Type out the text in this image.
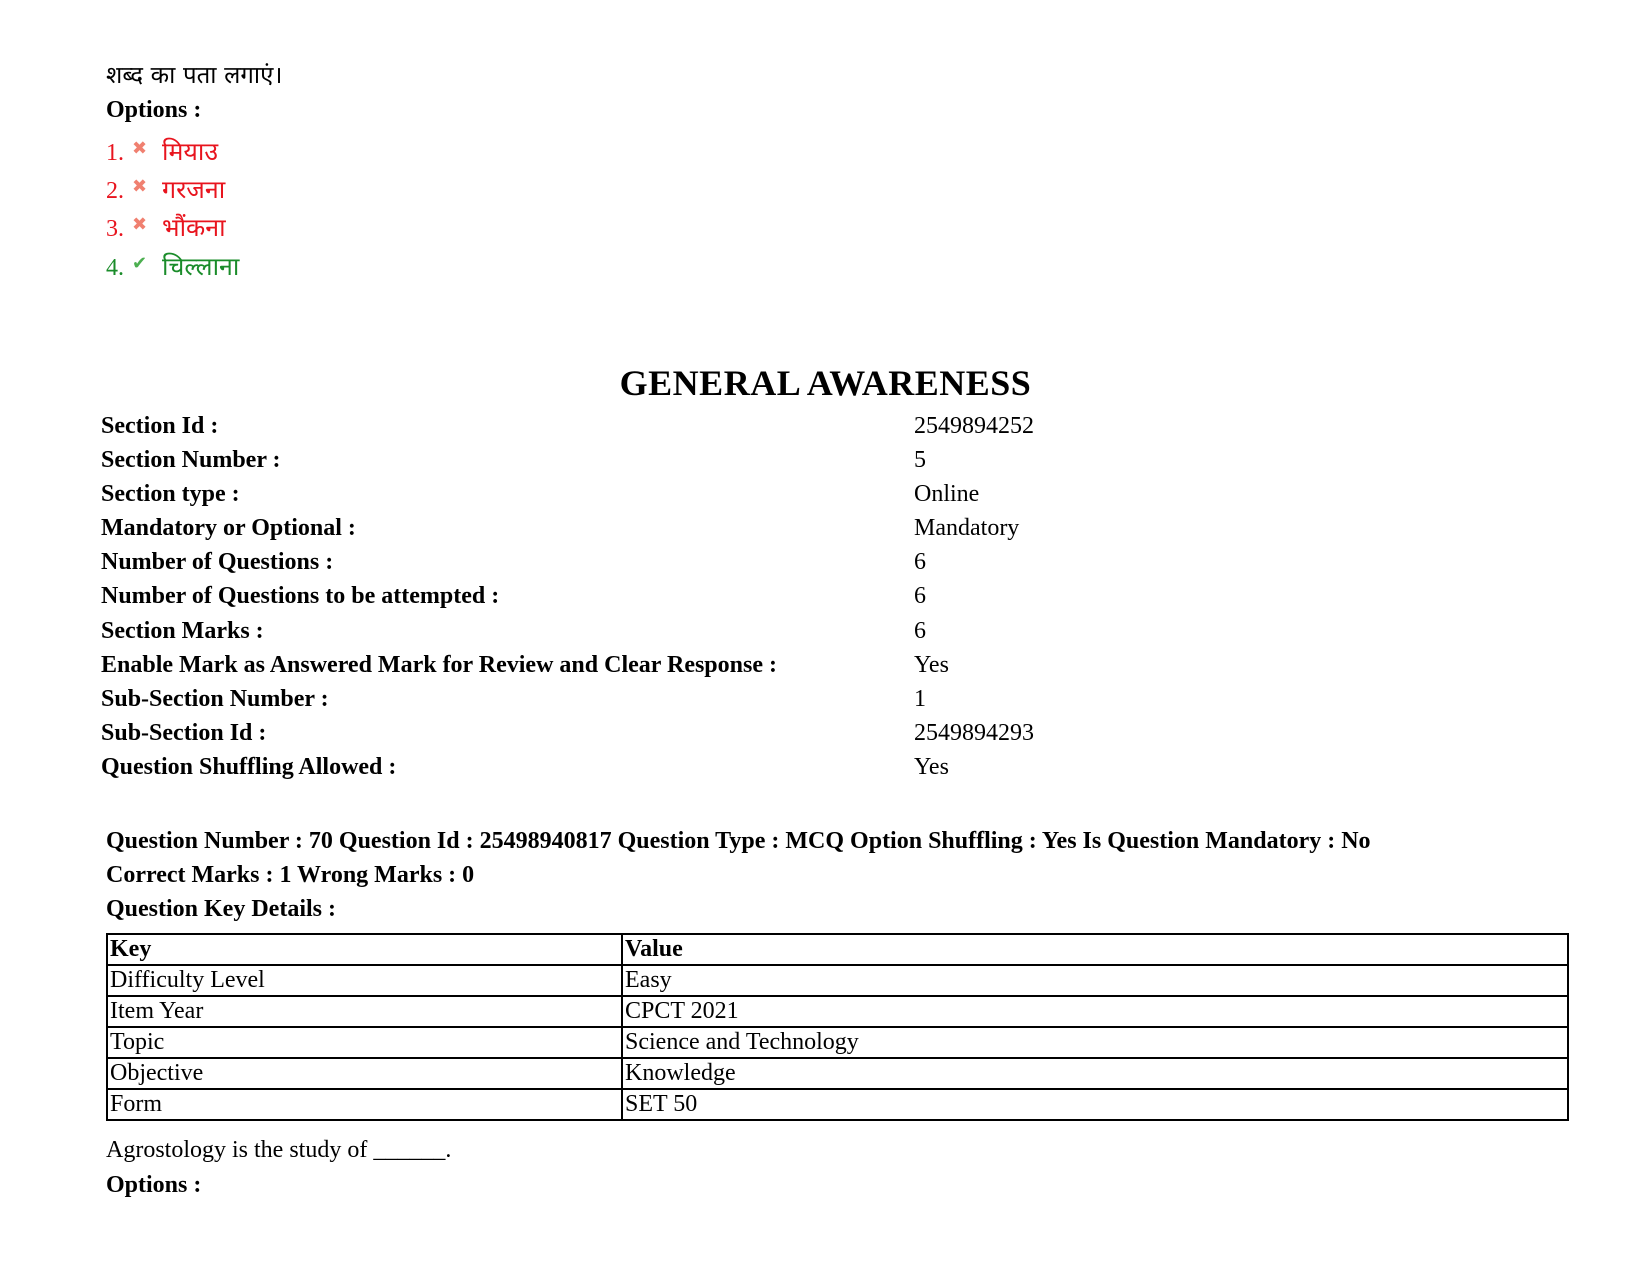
शब्द का पता लगाएं।
Options :
1. ✖ मियाउ
2. ✖ गरजना
3. ✖ भौंकना
4. ✔ चिल्लाना
GENERAL AWARENESS
Section Id :	2549894252
Section Number :	5
Section type :	Online
Mandatory or Optional :	Mandatory
Number of Questions :	6
Number of Questions to be attempted :	6
Section Marks :	6
Enable Mark as Answered Mark for Review and Clear Response :	Yes
Sub-Section Number :	1
Sub-Section Id :	2549894293
Question Shuffling Allowed :	Yes
Question Number : 70 Question Id : 25498940817 Question Type : MCQ Option Shuffling : Yes Is Question Mandatory : No
Correct Marks : 1 Wrong Marks : 0
Question Key Details :
Key	Value
Difficulty Level	Easy
Item Year	CPCT 2021
Topic	Science and Technology
Objective	Knowledge
Form	SET 50
Agrostology is the study of ______.
Options :
